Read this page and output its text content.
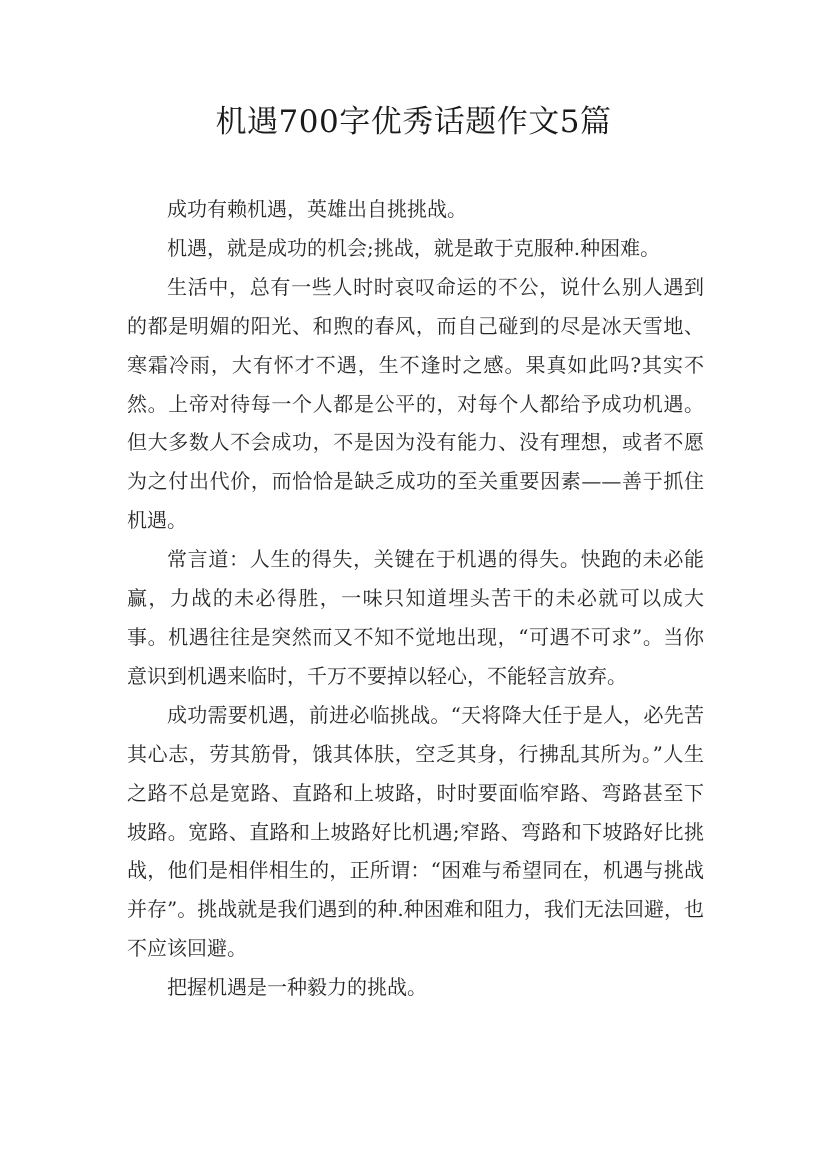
机遇700字优秀话题作文5篇

成功有赖机遇，英雄出自挑挑战。

机遇，就是成功的机会;挑战，就是敢于克服种.种困难。

生活中，总有一些人时时哀叹命运的不公，说什么别人遇到的都是明媚的阳光、和煦的春风，而自己碰到的尽是冰天雪地、寒霜冷雨，大有怀才不遇，生不逢时之感。果真如此吗?其实不然。上帝对待每一个人都是公平的，对每个人都给予成功机遇。但大多数人不会成功，不是因为没有能力、没有理想，或者不愿为之付出代价，而恰恰是缺乏成功的至关重要因素——善于抓住机遇。

常言道：人生的得失，关键在于机遇的得失。快跑的未必能赢，力战的未必得胜，一味只知道埋头苦干的未必就可以成大事。机遇往往是突然而又不知不觉地出现，“可遇不可求”。当你意识到机遇来临时，千万不要掉以轻心，不能轻言放弃。

成功需要机遇，前进必临挑战。“天将降大任于是人，必先苦其心志，劳其筋骨，饿其体肤，空乏其身，行拂乱其所为。”人生之路不总是宽路、直路和上坡路，时时要面临窄路、弯路甚至下坡路。宽路、直路和上坡路好比机遇;窄路、弯路和下坡路好比挑战，他们是相伴相生的，正所谓：“困难与希望同在，机遇与挑战并存”。挑战就是我们遇到的种.种困难和阻力，我们无法回避，也不应该回避。

把握机遇是一种毅力的挑战。
